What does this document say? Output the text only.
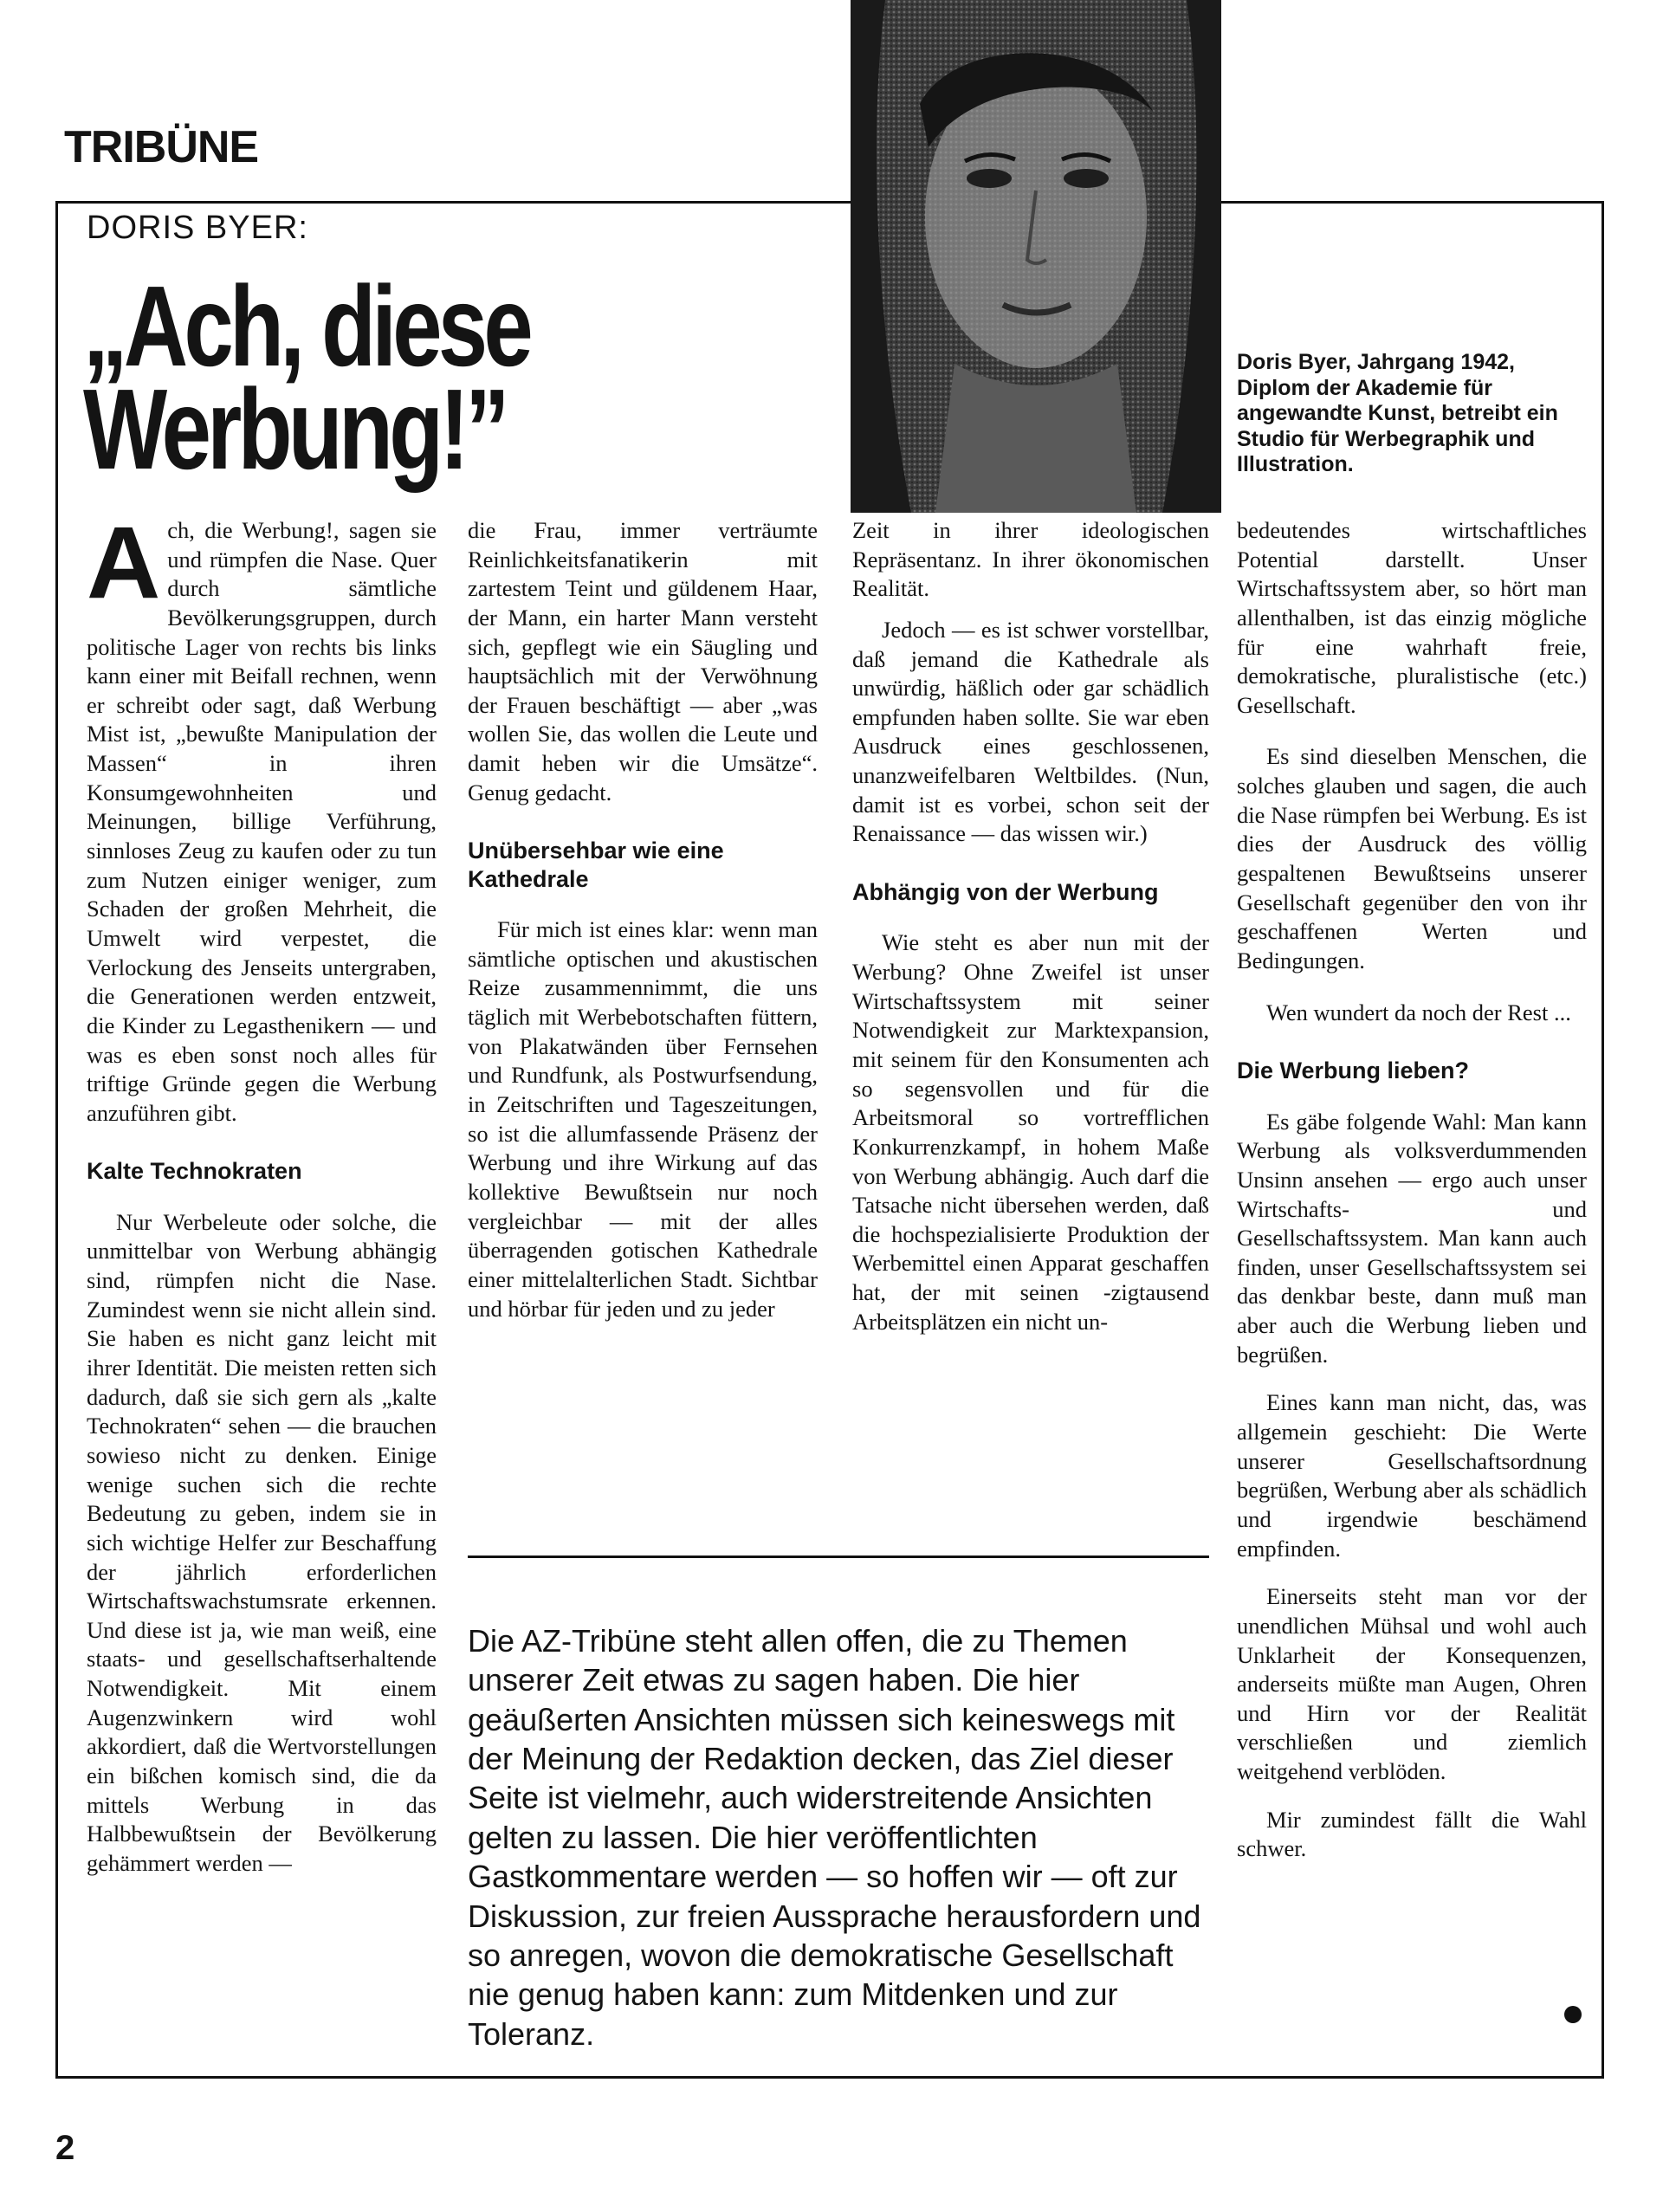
TRIBÜNE
DORIS BYER:
„Ach, diese
Werbung!”
Doris Byer, Jahrgang 1942, Diplom der Akademie für angewandte Kunst, betreibt ein Studio für Werbegraphik und Illustration.

Ach, die Werbung!, sagen sie und rümpfen die Nase. Quer durch sämtliche Bevölkerungsgruppen, durch politische Lager von rechts bis links kann einer mit Beifall rechnen, wenn er schreibt oder sagt, daß Werbung Mist ist, „bewußte Manipulation der Massen“ in ihren Konsumgewohnheiten und Meinungen, billige Verführung, sinnloses Zeug zu kaufen oder zu tun zum Nutzen einiger weniger, zum Schaden der großen Mehrheit, die Umwelt wird verpestet, die Verlockung des Jenseits untergraben, die Generationen werden entzweit, die Kinder zu Legasthenikern — und was es eben sonst noch alles für triftige Gründe gegen die Werbung anzuführen gibt.

Kalte Technokraten

Nur Werbeleute oder solche, die unmittelbar von Werbung abhängig sind, rümpfen nicht die Nase. Zumindest wenn sie nicht allein sind. Sie haben es nicht ganz leicht mit ihrer Identität. Die meisten retten sich dadurch, daß sie sich gern als „kalte Technokraten“ sehen — die brauchen sowieso nicht zu denken. Einige wenige suchen sich die rechte Bedeutung zu geben, indem sie in sich wichtige Helfer zur Beschaffung der jährlich erforderlichen Wirtschaftswachstumsrate erkennen. Und diese ist ja, wie man weiß, eine staats- und gesellschaftserhaltende Notwendigkeit. Mit einem Augenzwinkern wird wohl akkordiert, daß die Wertvorstellungen ein bißchen komisch sind, die da mittels Werbung in das Halbbewußtsein der Bevölkerung gehämmert werden —

die Frau, immer verträumte Reinlichkeitsfanatikerin mit zartestem Teint und güldenem Haar, der Mann, ein harter Mann versteht sich, gepflegt wie ein Säugling und hauptsächlich mit der Verwöhnung der Frauen beschäftigt — aber „was wollen Sie, das wollen die Leute und damit heben wir die Umsätze“. Genug gedacht.

Unübersehbar wie eine Kathedrale

Für mich ist eines klar: wenn man sämtliche optischen und akustischen Reize zusammennimmt, die uns täglich mit Werbebotschaften füttern, von Plakatwänden über Fernsehen und Rundfunk, als Postwurfsendung, in Zeitschriften und Tageszeitungen, so ist die allumfassende Präsenz der Werbung und ihre Wirkung auf das kollektive Bewußtsein nur noch vergleichbar — mit der alles überragenden gotischen Kathedrale einer mittelalterlichen Stadt. Sichtbar und hörbar für jeden und zu jeder

Zeit in ihrer ideologischen Repräsentanz. In ihrer ökonomischen Realität.

Jedoch — es ist schwer vorstellbar, daß jemand die Kathedrale als unwürdig, häßlich oder gar schädlich empfunden haben sollte. Sie war eben Ausdruck eines geschlossenen, unanzweifelbaren Weltbildes. (Nun, damit ist es vorbei, schon seit der Renaissance — das wissen wir.)

Abhängig von der Werbung

Wie steht es aber nun mit der Werbung? Ohne Zweifel ist unser Wirtschaftssystem mit seiner Notwendigkeit zur Marktexpansion, mit seinem für den Konsumenten ach so segensvollen und für die Arbeitsmoral so vortrefflichen Konkurrenzkampf, in hohem Maße von Werbung abhängig. Auch darf die Tatsache nicht übersehen werden, daß die hochspezialisierte Produktion der Werbemittel einen Apparat geschaffen hat, der mit seinen -zigtausend Arbeitsplätzen ein nicht un-

bedeutendes wirtschaftliches Potential darstellt. Unser Wirtschaftssystem aber, so hört man allenthalben, ist das einzig mögliche für eine wahrhaft freie, demokratische, pluralistische (etc.) Gesellschaft.

Es sind dieselben Menschen, die solches glauben und sagen, die auch die Nase rümpfen bei Werbung. Es ist dies der Ausdruck des völlig gespaltenen Bewußtseins unserer Gesellschaft gegenüber den von ihr geschaffenen Werten und Bedingungen.

Wen wundert da noch der Rest ...

Die Werbung lieben?

Es gäbe folgende Wahl: Man kann Werbung als volksverdummenden Unsinn ansehen — ergo auch unser Wirtschafts- und Gesellschaftssystem. Man kann auch finden, unser Gesellschaftssystem sei das denkbar beste, dann muß man aber auch die Werbung lieben und begrüßen.

Eines kann man nicht, das, was allgemein geschieht: Die Werte unserer Gesellschaftsordnung begrüßen, Werbung aber als schädlich und irgendwie beschämend empfinden.

Einerseits steht man vor der unendlichen Mühsal und wohl auch Unklarheit der Konsequenzen, anderseits müßte man Augen, Ohren und Hirn vor der Realität verschließen und ziemlich weitgehend verblöden.

Mir zumindest fällt die Wahl schwer.

Die AZ-Tribüne steht allen offen, die zu Themen unserer Zeit etwas zu sagen haben. Die hier geäußerten Ansichten müssen sich keineswegs mit der Meinung der Redaktion decken, das Ziel dieser Seite ist vielmehr, auch widerstreitende Ansichten gelten zu lassen. Die hier veröffentlichten Gastkommentare werden — so hoffen wir — oft zur Diskussion, zur freien Aussprache herausfordern und so anregen, wovon die demokratische Gesellschaft nie genug haben kann: zum Mitdenken und zur Toleranz.
2
